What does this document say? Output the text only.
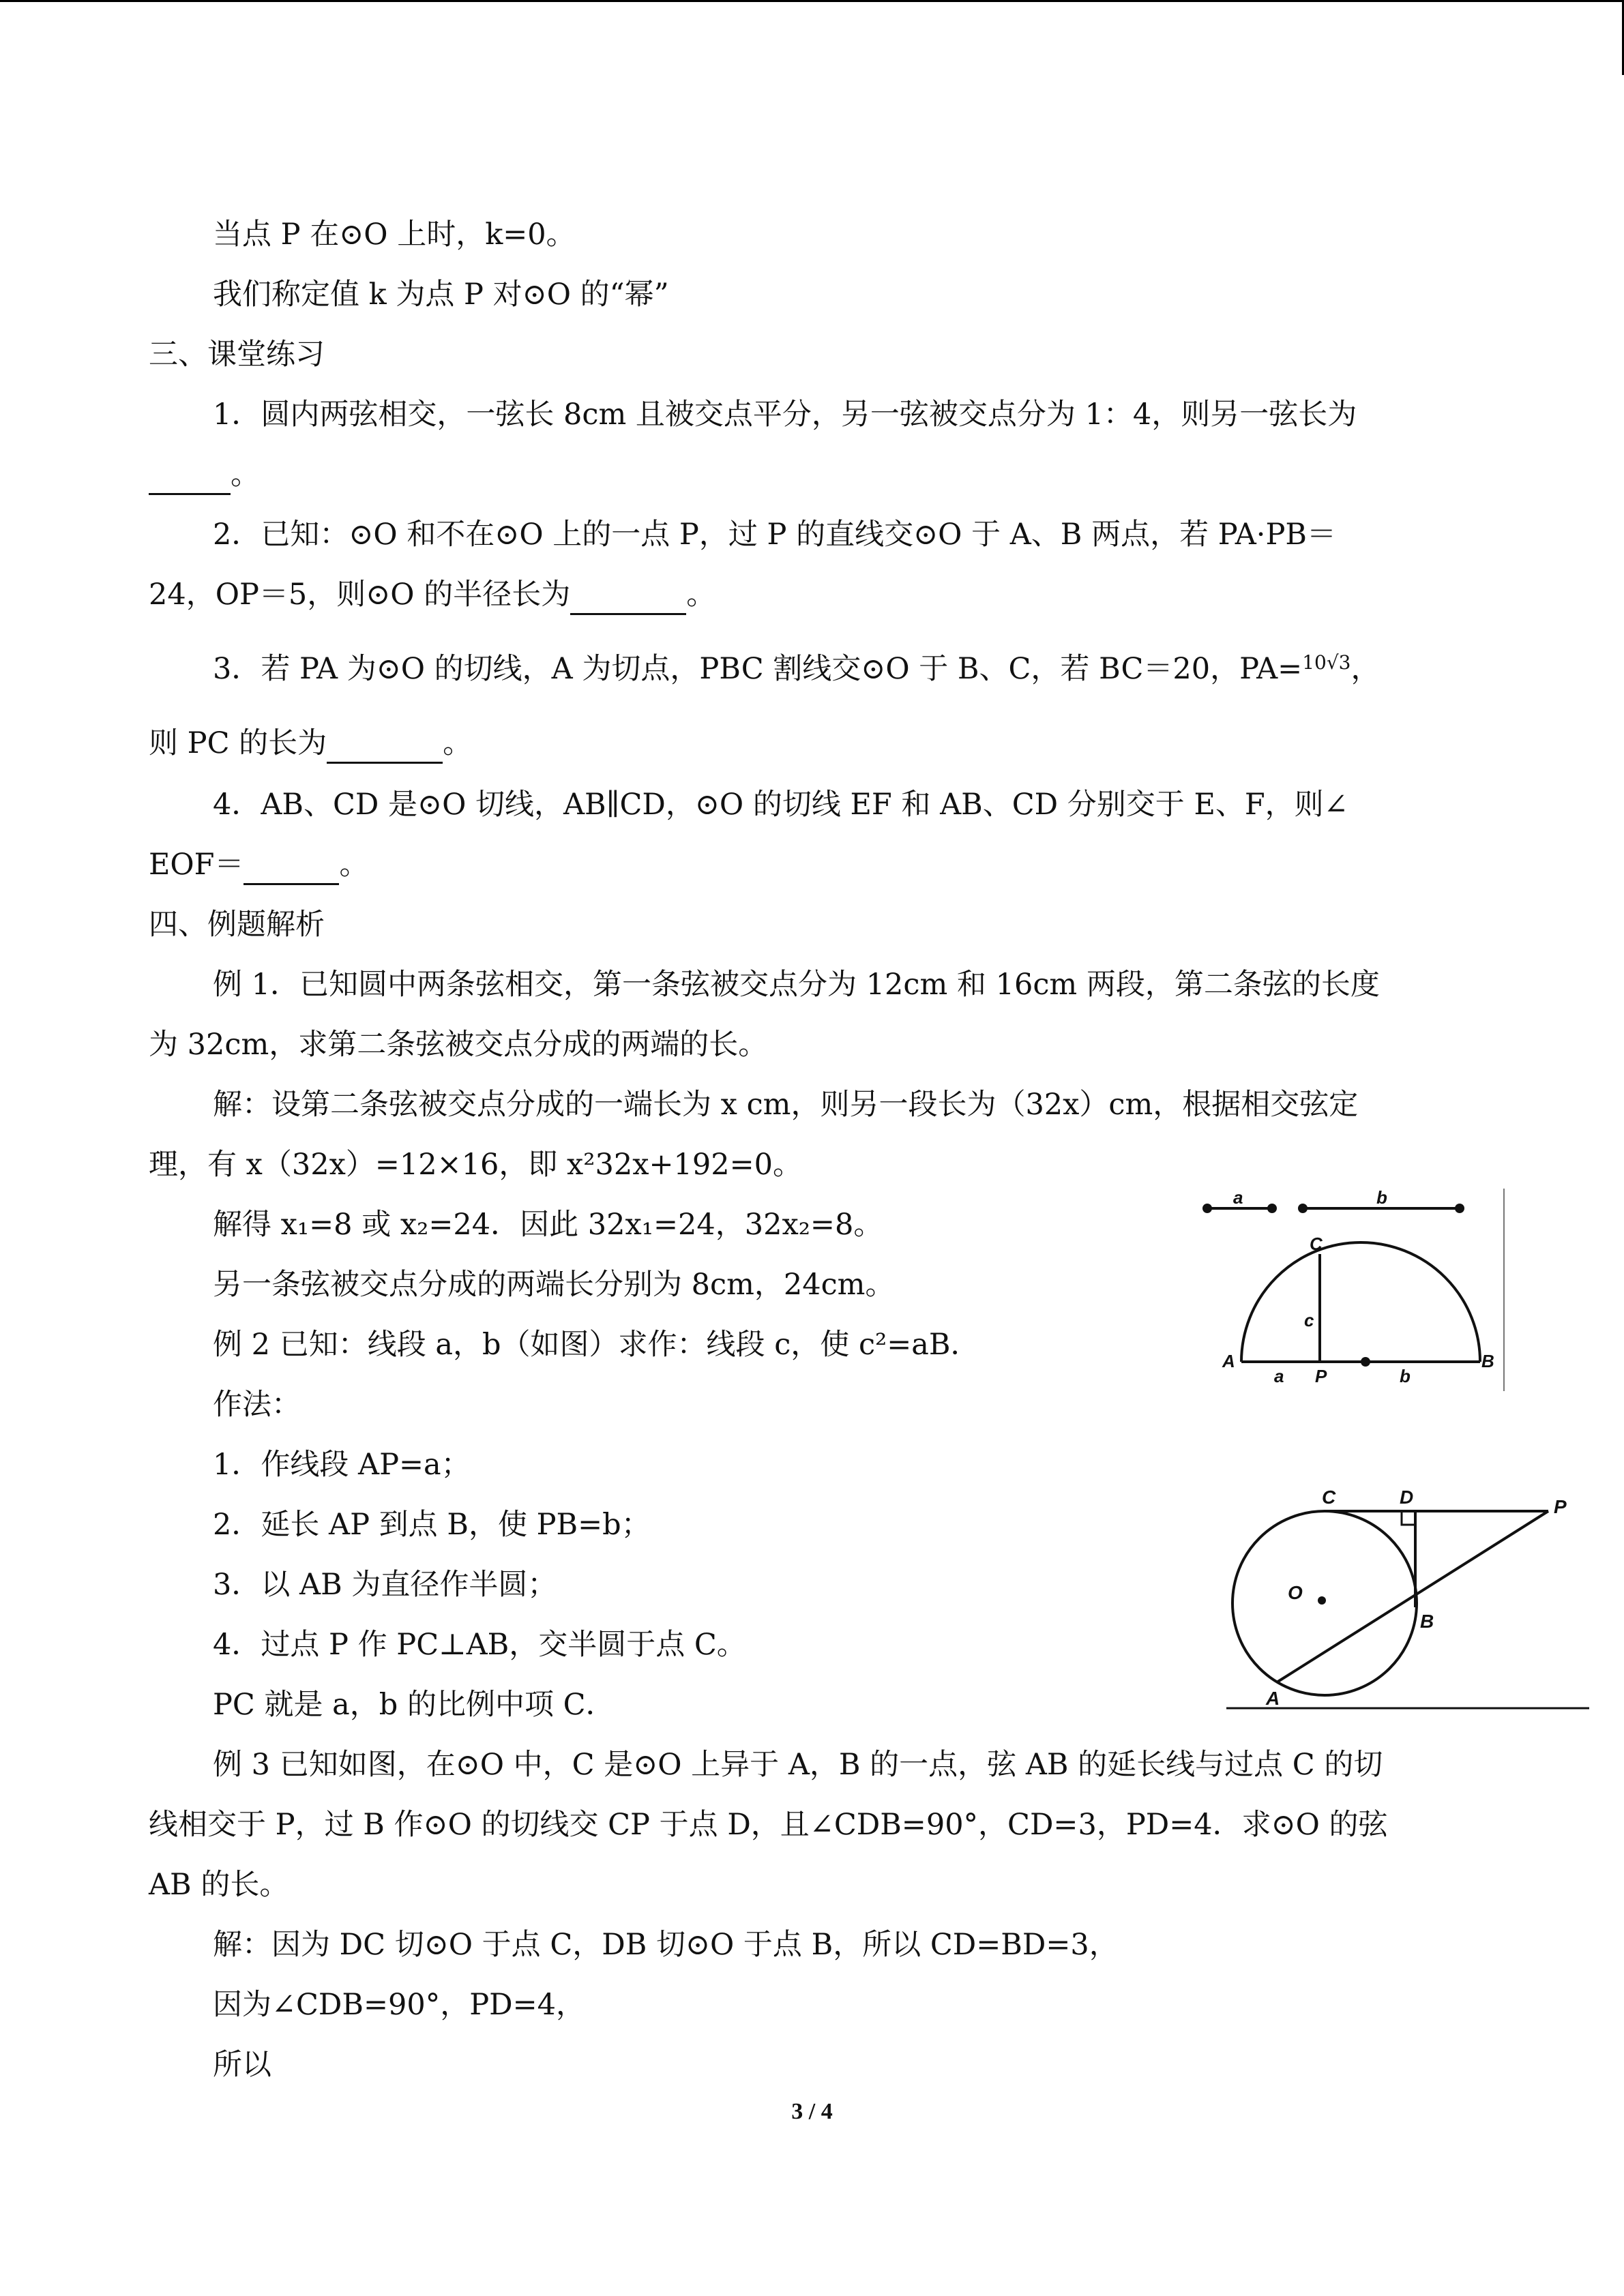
当点 P 在⊙O 上时，k=0。
我们称定值 k 为点 P 对⊙O 的“幂”
三、课堂练习
1．圆内两弦相交，一弦长 8cm 且被交点平分，另一弦被交点分为 1：4，则另一弦长为
。
2．已知：⊙O 和不在⊙O 上的一点 P，过 P 的直线交⊙O 于 A、B 两点，若 PA·PB＝
24，OP＝5，则⊙O 的半径长为	。
3．若 PA 为⊙O 的切线，A 为切点，PBC 割线交⊙O 于 B、C，若 BC＝20，PA=$^{10√3}$，
则 PC 的长为	。
4．AB、CD 是⊙O 切线，AB∥CD，⊙O 的切线 EF 和 AB、CD 分别交于 E、F，则∠
EOF＝	。
四、例题解析
例 1．已知圆中两条弦相交，第一条弦被交点分为 12cm 和 16cm 两段，第二条弦的长度
为 32cm，求第二条弦被交点分成的两端的长。
解：设第二条弦被交点分成的一端长为 x cm，则另一段长为（32x）cm，根据相交弦定
理，有 x（32x）=12×16，即 x²32x+192=0。
解得 x₁=8 或 x₂=24．因此 32x₁=24，32x₂=8。
另一条弦被交点分成的两端长分别为 8cm，24cm。
例 2 已知：线段 a，b（如图）求作：线段 c，使 c²=aB．
作法：
1．作线段 AP=a；
2．延长 AP 到点 B，使 PB=b；
3．以 AB 为直径作半圆；
4．过点 P 作 PC⊥AB，交半圆于点 C。
PC 就是 a，b 的比例中项 C．
例 3 已知如图，在⊙O 中，C 是⊙O 上异于 A，B 的一点，弦 AB 的延长线与过点 C 的切
线相交于 P，过 B 作⊙O 的切线交 CP 于点 D，且∠CDB=90°，CD=3，PD=4．求⊙O 的弦
AB 的长。
解：因为 DC 切⊙O 于点 C，DB 切⊙O 于点 B，所以 CD=BD=3，
因为∠CDB=90°，PD=4，
所以
a	b
C
c
A
a P	b
B
C	D	P
O
B
A
3 / 4
